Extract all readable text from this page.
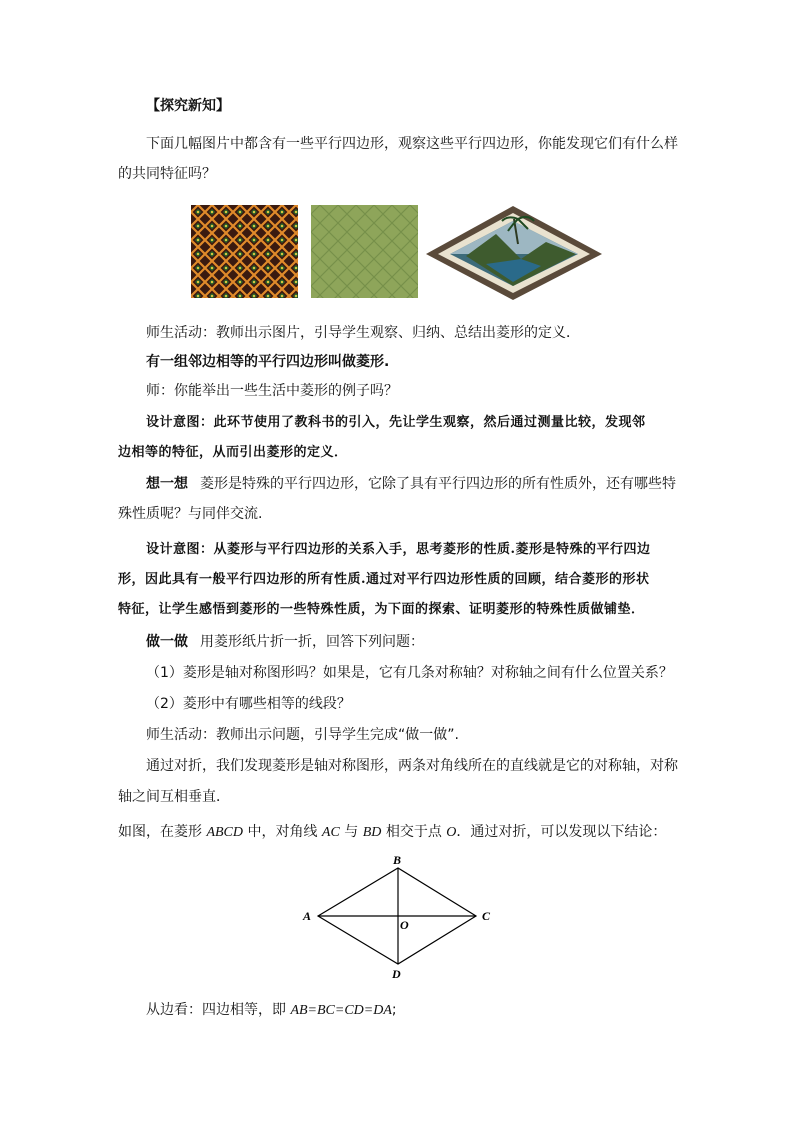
【探究新知】
下面几幅图片中都含有一些平行四边形，观察这些平行四边形，你能发现它们有什么样
的共同特征吗？
师生活动：教师出示图片，引导学生观察、归纳、总结出菱形的定义．
有一组邻边相等的平行四边形叫做菱形.
师：你能举出一些生活中菱形的例子吗？
设计意图：此环节使用了教科书的引入，先让学生观察，然后通过测量比较，发现邻
边相等的特征，从而引出菱形的定义．
想一想 菱形是特殊的平行四边形，它除了具有平行四边形的所有性质外，还有哪些特
殊性质呢？与同伴交流.
设计意图：从菱形与平行四边形的关系入手，思考菱形的性质.菱形是特殊的平行四边
形，因此具有一般平行四边形的所有性质.通过对平行四边形性质的回顾，结合菱形的形状
特征，让学生感悟到菱形的一些特殊性质，为下面的探索、证明菱形的特殊性质做铺垫．
做一做 用菱形纸片折一折，回答下列问题：
（1）菱形是轴对称图形吗？如果是，它有几条对称轴？对称轴之间有什么位置关系？
（2）菱形中有哪些相等的线段？
师生活动：教师出示问题，引导学生完成“做一做”.
通过对折，我们发现菱形是轴对称图形，两条对角线所在的直线就是它的对称轴，对称
轴之间互相垂直．
如图，在菱形 ABCD 中，对角线 AC 与 BD 相交于点 O．通过对折，可以发现以下结论：
B
A	C
D
O
从边看：四边相等，即 AB=BC=CD=DA;
